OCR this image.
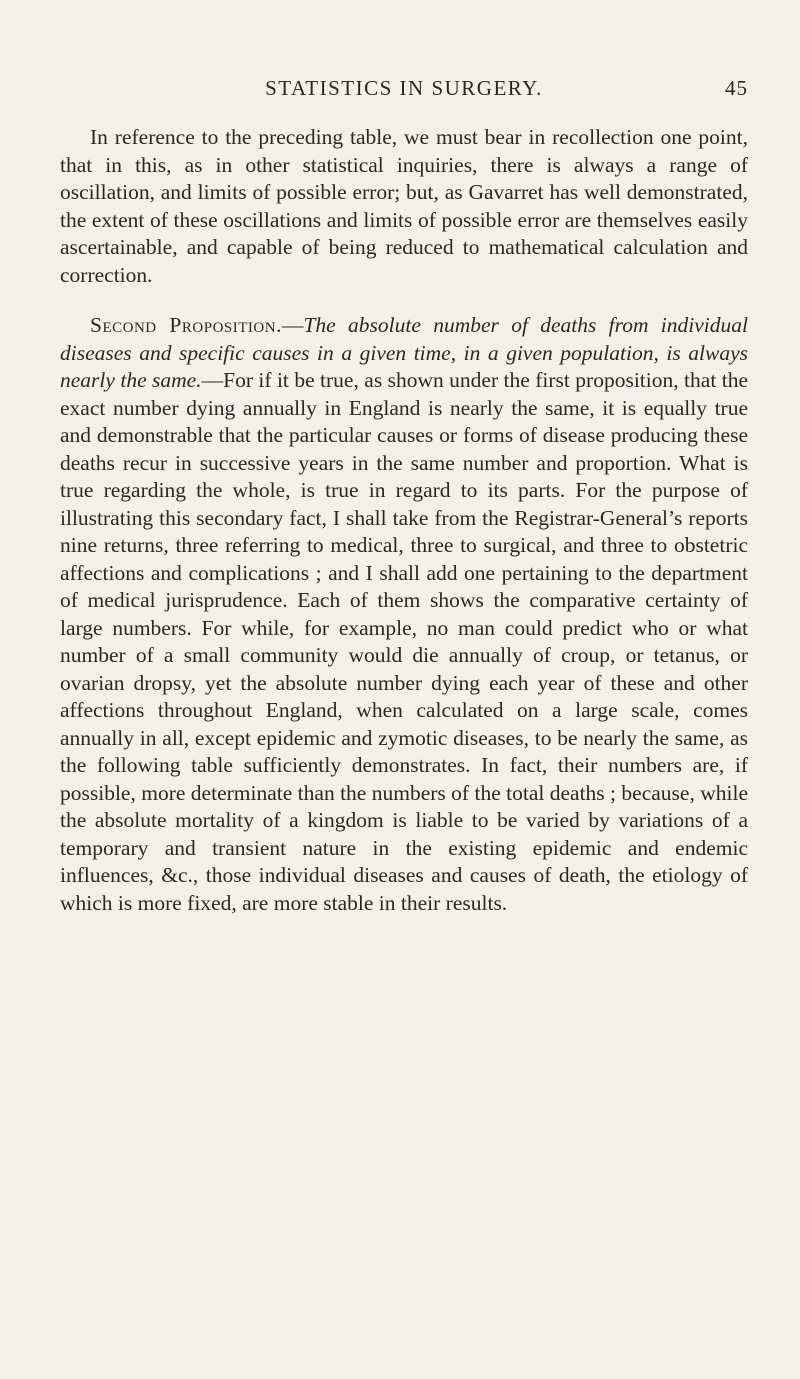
STATISTICS IN SURGERY.	45

In reference to the preceding table, we must bear in recollection one point, that in this, as in other statistical inquiries, there is always a range of oscillation, and limits of possible error; but, as Gavarret has well demonstrated, the extent of these oscillations and limits of possible error are themselves easily ascertainable, and capable of being reduced to mathematical calculation and correction.

Second Proposition.—The absolute number of deaths from individual diseases and specific causes in a given time, in a given population, is always nearly the same.—For if it be true, as shown under the first proposition, that the exact number dying annually in England is nearly the same, it is equally true and demonstrable that the particular causes or forms of disease producing these deaths recur in successive years in the same number and proportion. What is true regarding the whole, is true in regard to its parts. For the purpose of illustrating this secondary fact, I shall take from the Registrar-General’s reports nine returns, three referring to medical, three to surgical, and three to obstetric affections and complications ; and I shall add one pertaining to the department of medical jurisprudence. Each of them shows the comparative certainty of large numbers. For while, for example, no man could predict who or what number of a small community would die annually of croup, or tetanus, or ovarian dropsy, yet the absolute number dying each year of these and other affections throughout England, when calculated on a large scale, comes annually in all, except epidemic and zymotic diseases, to be nearly the same, as the following table sufficiently demonstrates. In fact, their numbers are, if possible, more determinate than the numbers of the total deaths ; because, while the absolute mortality of a kingdom is liable to be varied by variations of a temporary and transient nature in the existing epidemic and endemic influences, &c., those individual diseases and causes of death, the etiology of which is more fixed, are more stable in their results.
